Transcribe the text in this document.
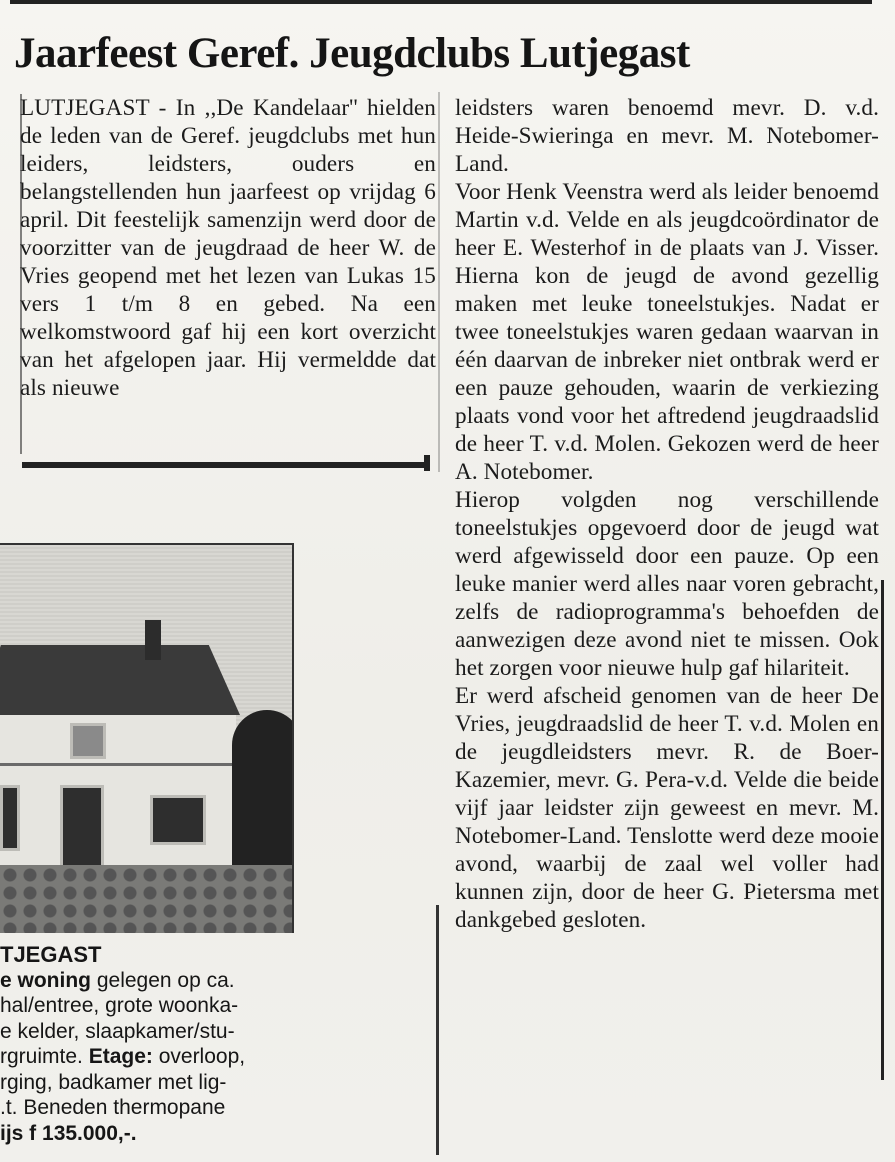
Jaarfeest Geref. Jeugdclubs Lutjegast

LUTJEGAST - In ,,De Kandelaar'' hielden de leden van de Geref. jeugdclubs met hun leiders, leidsters, ouders en belangstellenden hun jaarfeest op vrijdag 6 april. Dit feestelijk samenzijn werd door de voorzitter van de jeugdraad de heer W. de Vries geopend met het lezen van Lukas 15 vers 1 t/m 8 en gebed. Na een welkomstwoord gaf hij een kort overzicht van het afgelopen jaar. Hij vermeldde dat als nieuwe

leidsters waren benoemd mevr. D. v.d. Heide-Swieringa en mevr. M. Notebomer-Land.

Voor Henk Veenstra werd als leider benoemd Martin v.d. Velde en als jeugdcoördinator de heer E. Westerhof in de plaats van J. Visser. Hierna kon de jeugd de avond gezellig maken met leuke toneelstukjes. Nadat er twee toneelstukjes waren gedaan waarvan in één daarvan de inbreker niet ontbrak werd er een pauze gehouden, waarin de verkiezing plaats vond voor het aftredend jeugdraadslid de heer T. v.d. Molen. Gekozen werd de heer A. Notebomer.

Hierop volgden nog verschillende toneelstukjes opgevoerd door de jeugd wat werd afgewisseld door een pauze. Op een leuke manier werd alles naar voren gebracht, zelfs de radioprogramma's behoefden de aanwezigen deze avond niet te missen. Ook het zorgen voor nieuwe hulp gaf hilariteit.

Er werd afscheid genomen van de heer De Vries, jeugdraadslid de heer T. v.d. Molen en de jeugdleidsters mevr. R. de Boer-Kazemier, mevr. G. Pera-v.d. Velde die beide vijf jaar leidster zijn geweest en mevr. M. Notebomer-Land. Tenslotte werd deze mooie avond, waarbij de zaal wel voller had kunnen zijn, door de heer G. Pietersma met dankgebed gesloten.

TJEGAST
e woning gelegen op ca.
hal/entree, grote woonka-
e kelder, slaapkamer/stu-
rgruimte. Etage: overloop,
rging, badkamer met lig-
.t. Beneden thermopane
ijs f 135.000,-.
